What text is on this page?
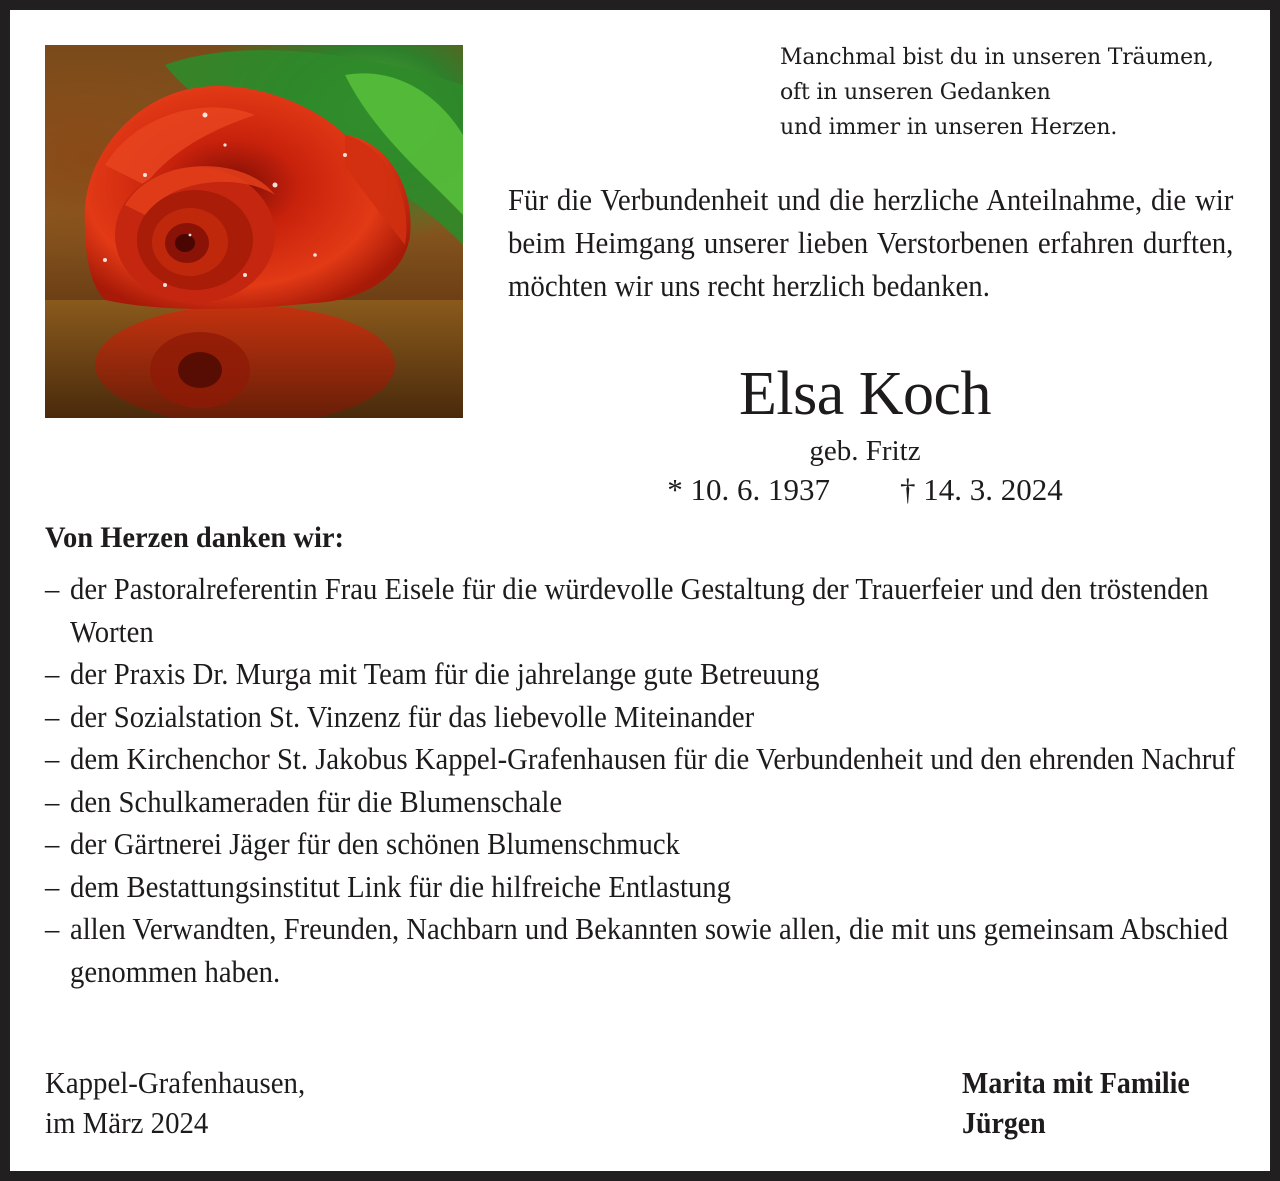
Manchmal bist du in unseren Träumen,
oft in unseren Gedanken
und immer in unseren Herzen.
Für die Verbundenheit und die herzliche Anteilnahme, die wir beim Heimgang unserer lieben Verstorbenen erfahren durften, möchten wir uns recht herzlich bedanken.
Elsa Koch
geb. Fritz
* 10. 6. 1937 † 14. 3. 2024
Von Herzen danken wir:
– der Pastoralreferentin Frau Eisele für die würdevolle Gestaltung der Trauerfeier und den tröstenden Worten
– der Praxis Dr. Murga mit Team für die jahrelange gute Betreuung
– der Sozialstation St. Vinzenz für das liebevolle Miteinander
– dem Kirchenchor St. Jakobus Kappel-Grafenhausen für die Verbundenheit und den ehrenden Nachruf
– den Schulkameraden für die Blumenschale
– der Gärtnerei Jäger für den schönen Blumenschmuck
– dem Bestattungsinstitut Link für die hilfreiche Entlastung
– allen Verwandten, Freunden, Nachbarn und Bekannten sowie allen, die mit uns gemeinsam Abschied genommen haben.
Kappel-Grafenhausen,
im März 2024
Marita mit Familie
Jürgen
